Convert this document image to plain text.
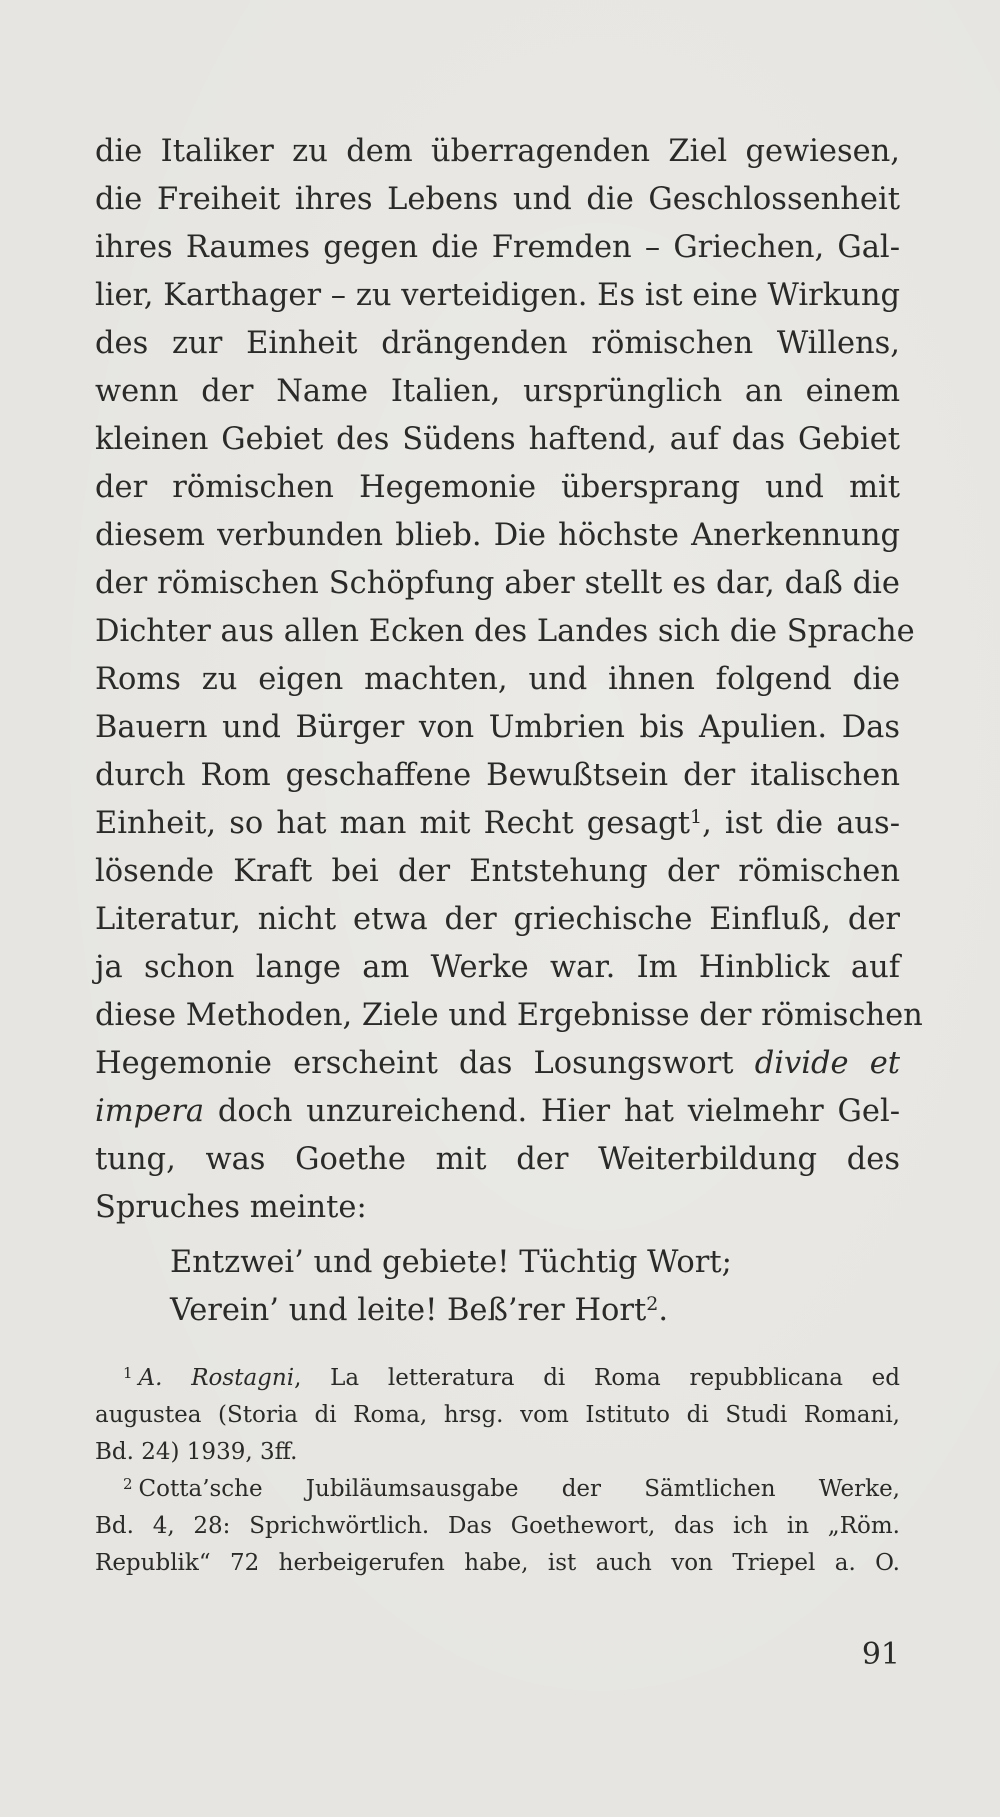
die Italiker zu dem überragenden Ziel gewiesen,
die Freiheit ihres Lebens und die Geschlossenheit
ihres Raumes gegen die Fremden – Griechen, Gal-
lier, Karthager – zu verteidigen. Es ist eine Wirkung
des zur Einheit drängenden römischen Willens,
wenn der Name Italien, ursprünglich an einem
kleinen Gebiet des Südens haftend, auf das Gebiet
der römischen Hegemonie übersprang und mit
diesem verbunden blieb. Die höchste Anerkennung
der römischen Schöpfung aber stellt es dar, daß die
Dichter aus allen Ecken des Landes sich die Sprache
Roms zu eigen machten, und ihnen folgend die
Bauern und Bürger von Umbrien bis Apulien. Das
durch Rom geschaffene Bewußtsein der italischen
Einheit, so hat man mit Recht gesagt$^1$, ist die aus-
lösende Kraft bei der Entstehung der römischen
Literatur, nicht etwa der griechische Einfluß, der
ja schon lange am Werke war. Im Hinblick auf
diese Methoden, Ziele und Ergebnisse der römischen
Hegemonie erscheint das Losungswort divide et
impera doch unzureichend. Hier hat vielmehr Gel-
tung, was Goethe mit der Weiterbildung des
Spruches meinte:
Entzwei’ und gebiete! Tüchtig Wort;
Verein’ und leite! Beß’rer Hort$^2$.
$^1$ A. Rostagni, La letteratura di Roma repubblicana ed
augustea (Storia di Roma, hrsg. vom Istituto di Studi Romani,
Bd. 24) 1939, 3ff.
$^2$ Cotta’sche Jubiläumsausgabe der Sämtlichen Werke,
Bd. 4, 28: Sprichwörtlich. Das Goethewort, das ich in „Röm.
Republik“ 72 herbeigerufen habe, ist auch von Triepel a. O.
91
